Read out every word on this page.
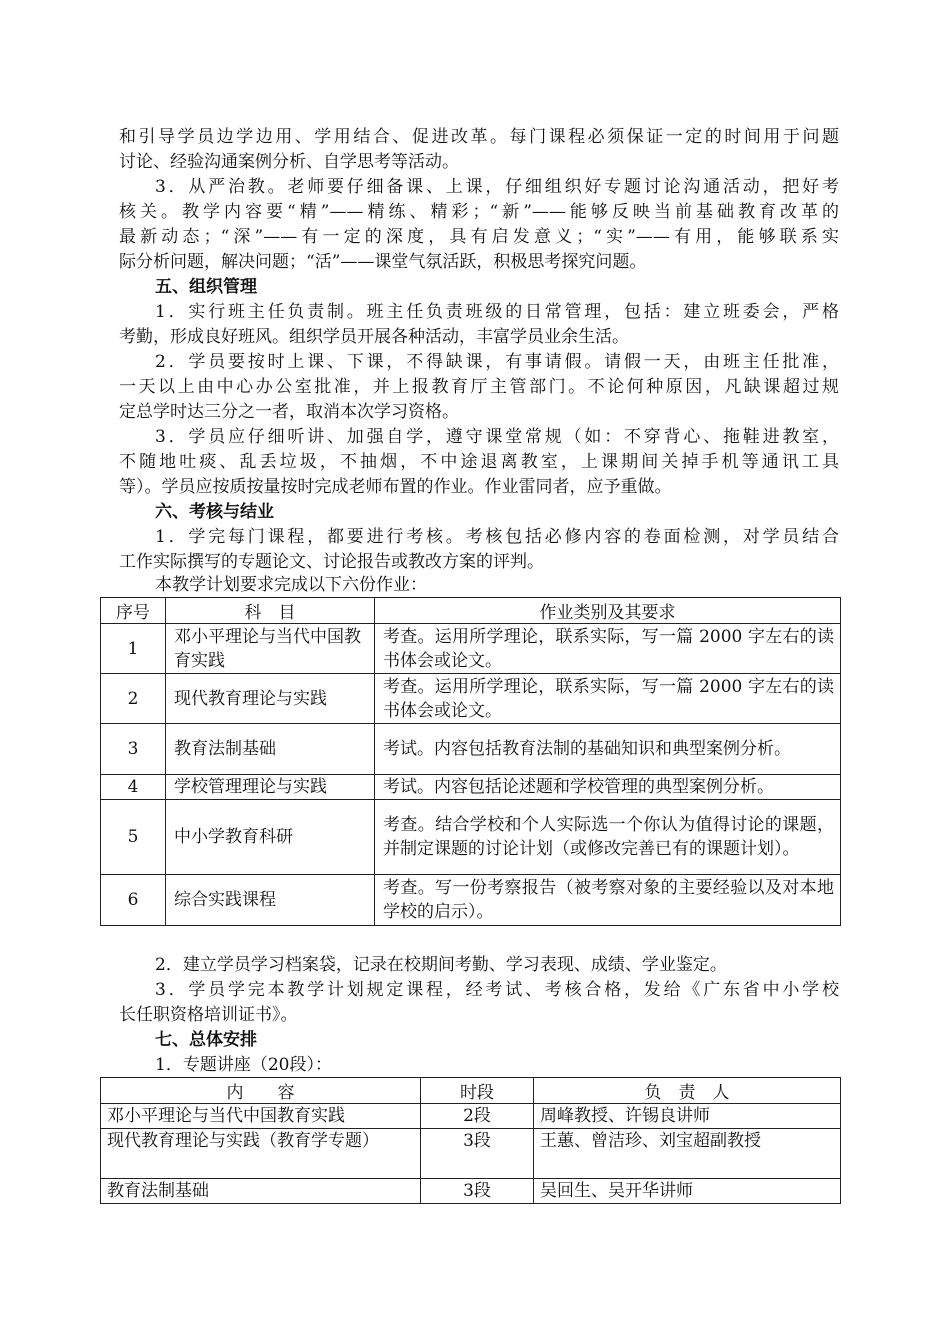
和引导学员边学边用、学用结合、促进改革。每门课程必须保证一定的时间用于问题
讨论、经验沟通案例分析、自学思考等活动。
3．从严治教。老师要仔细备课、上课，仔细组织好专题讨论沟通活动，把好考
核关。教学内容要“精”——精练、精彩；“新”——能够反映当前基础教育改革的
最新动态；“深”——有一定的深度，具有启发意义；“实”——有用，能够联系实
际分析问题，解决问题；“活”——课堂气氛活跃，积极思考探究问题。
五、组织管理
1．实行班主任负责制。班主任负责班级的日常管理，包括：建立班委会，严格
考勤，形成良好班风。组织学员开展各种活动，丰富学员业余生活。
2．学员要按时上课、下课，不得缺课，有事请假。请假一天，由班主任批准，
一天以上由中心办公室批准，并上报教育厅主管部门。不论何种原因，凡缺课超过规
定总学时达三分之一者，取消本次学习资格。
3．学员应仔细听讲、加强自学，遵守课堂常规（如：不穿背心、拖鞋进教室，
不随地吐痰、乱丢垃圾，不抽烟，不中途退离教室，上课期间关掉手机等通讯工具
等）。学员应按质按量按时完成老师布置的作业。作业雷同者，应予重做。
六、考核与结业
1．学完每门课程，都要进行考核。考核包括必修内容的卷面检测，对学员结合
工作实际撰写的专题论文、讨论报告或教改方案的评判。
本教学计划要求完成以下六份作业：
序号	科　目	作业类别及其要求
1	邓小平理论与当代中国教育实践	考查。运用所学理论，联系实际，写一篇 2000 字左右的读书体会或论文。
2	现代教育理论与实践	考查。运用所学理论，联系实际，写一篇 2000 字左右的读书体会或论文。
3	教育法制基础	考试。内容包括教育法制的基础知识和典型案例分析。
4	学校管理理论与实践	考试。内容包括论述题和学校管理的典型案例分析。
5	中小学教育科研	考查。结合学校和个人实际选一个你认为值得讨论的课题，并制定课题的讨论计划（或修改完善已有的课题计划）。
6	综合实践课程	考查。写一份考察报告（被考察对象的主要经验以及对本地学校的启示）。
2．建立学员学习档案袋，记录在校期间考勤、学习表现、成绩、学业鉴定。
3．学员学完本教学计划规定课程，经考试、考核合格，发给《广东省中小学校
长任职资格培训证书》。
七、总体安排
1．专题讲座（20段）：
内　　容	时段	负　责　人
邓小平理论与当代中国教育实践	2段	周峰教授、许锡良讲师
现代教育理论与实践（教育学专题）	3段	王蕙、曾洁珍、刘宝超副教授
教育法制基础	3段	吴回生、吴开华讲师
